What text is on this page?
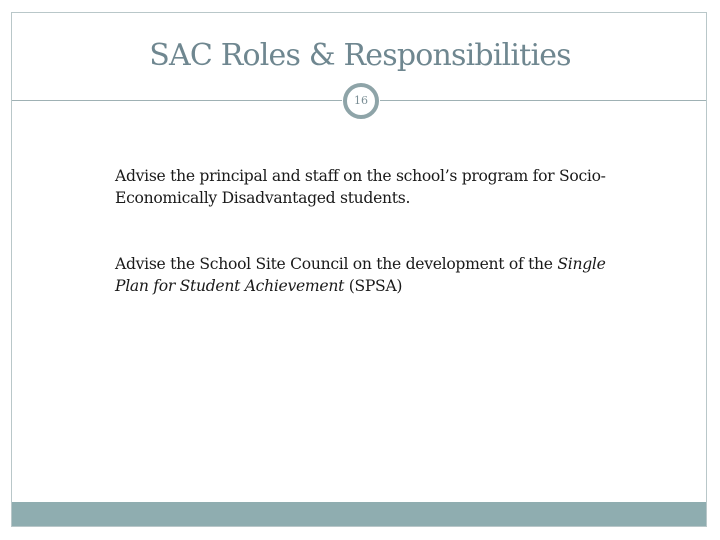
SAC Roles & Responsibilities
16

Advise the principal and staff on the school’s program for Socio-Economically Disadvantaged students.

Advise the School Site Council on the development of the Single Plan for Student Achievement (SPSA)
